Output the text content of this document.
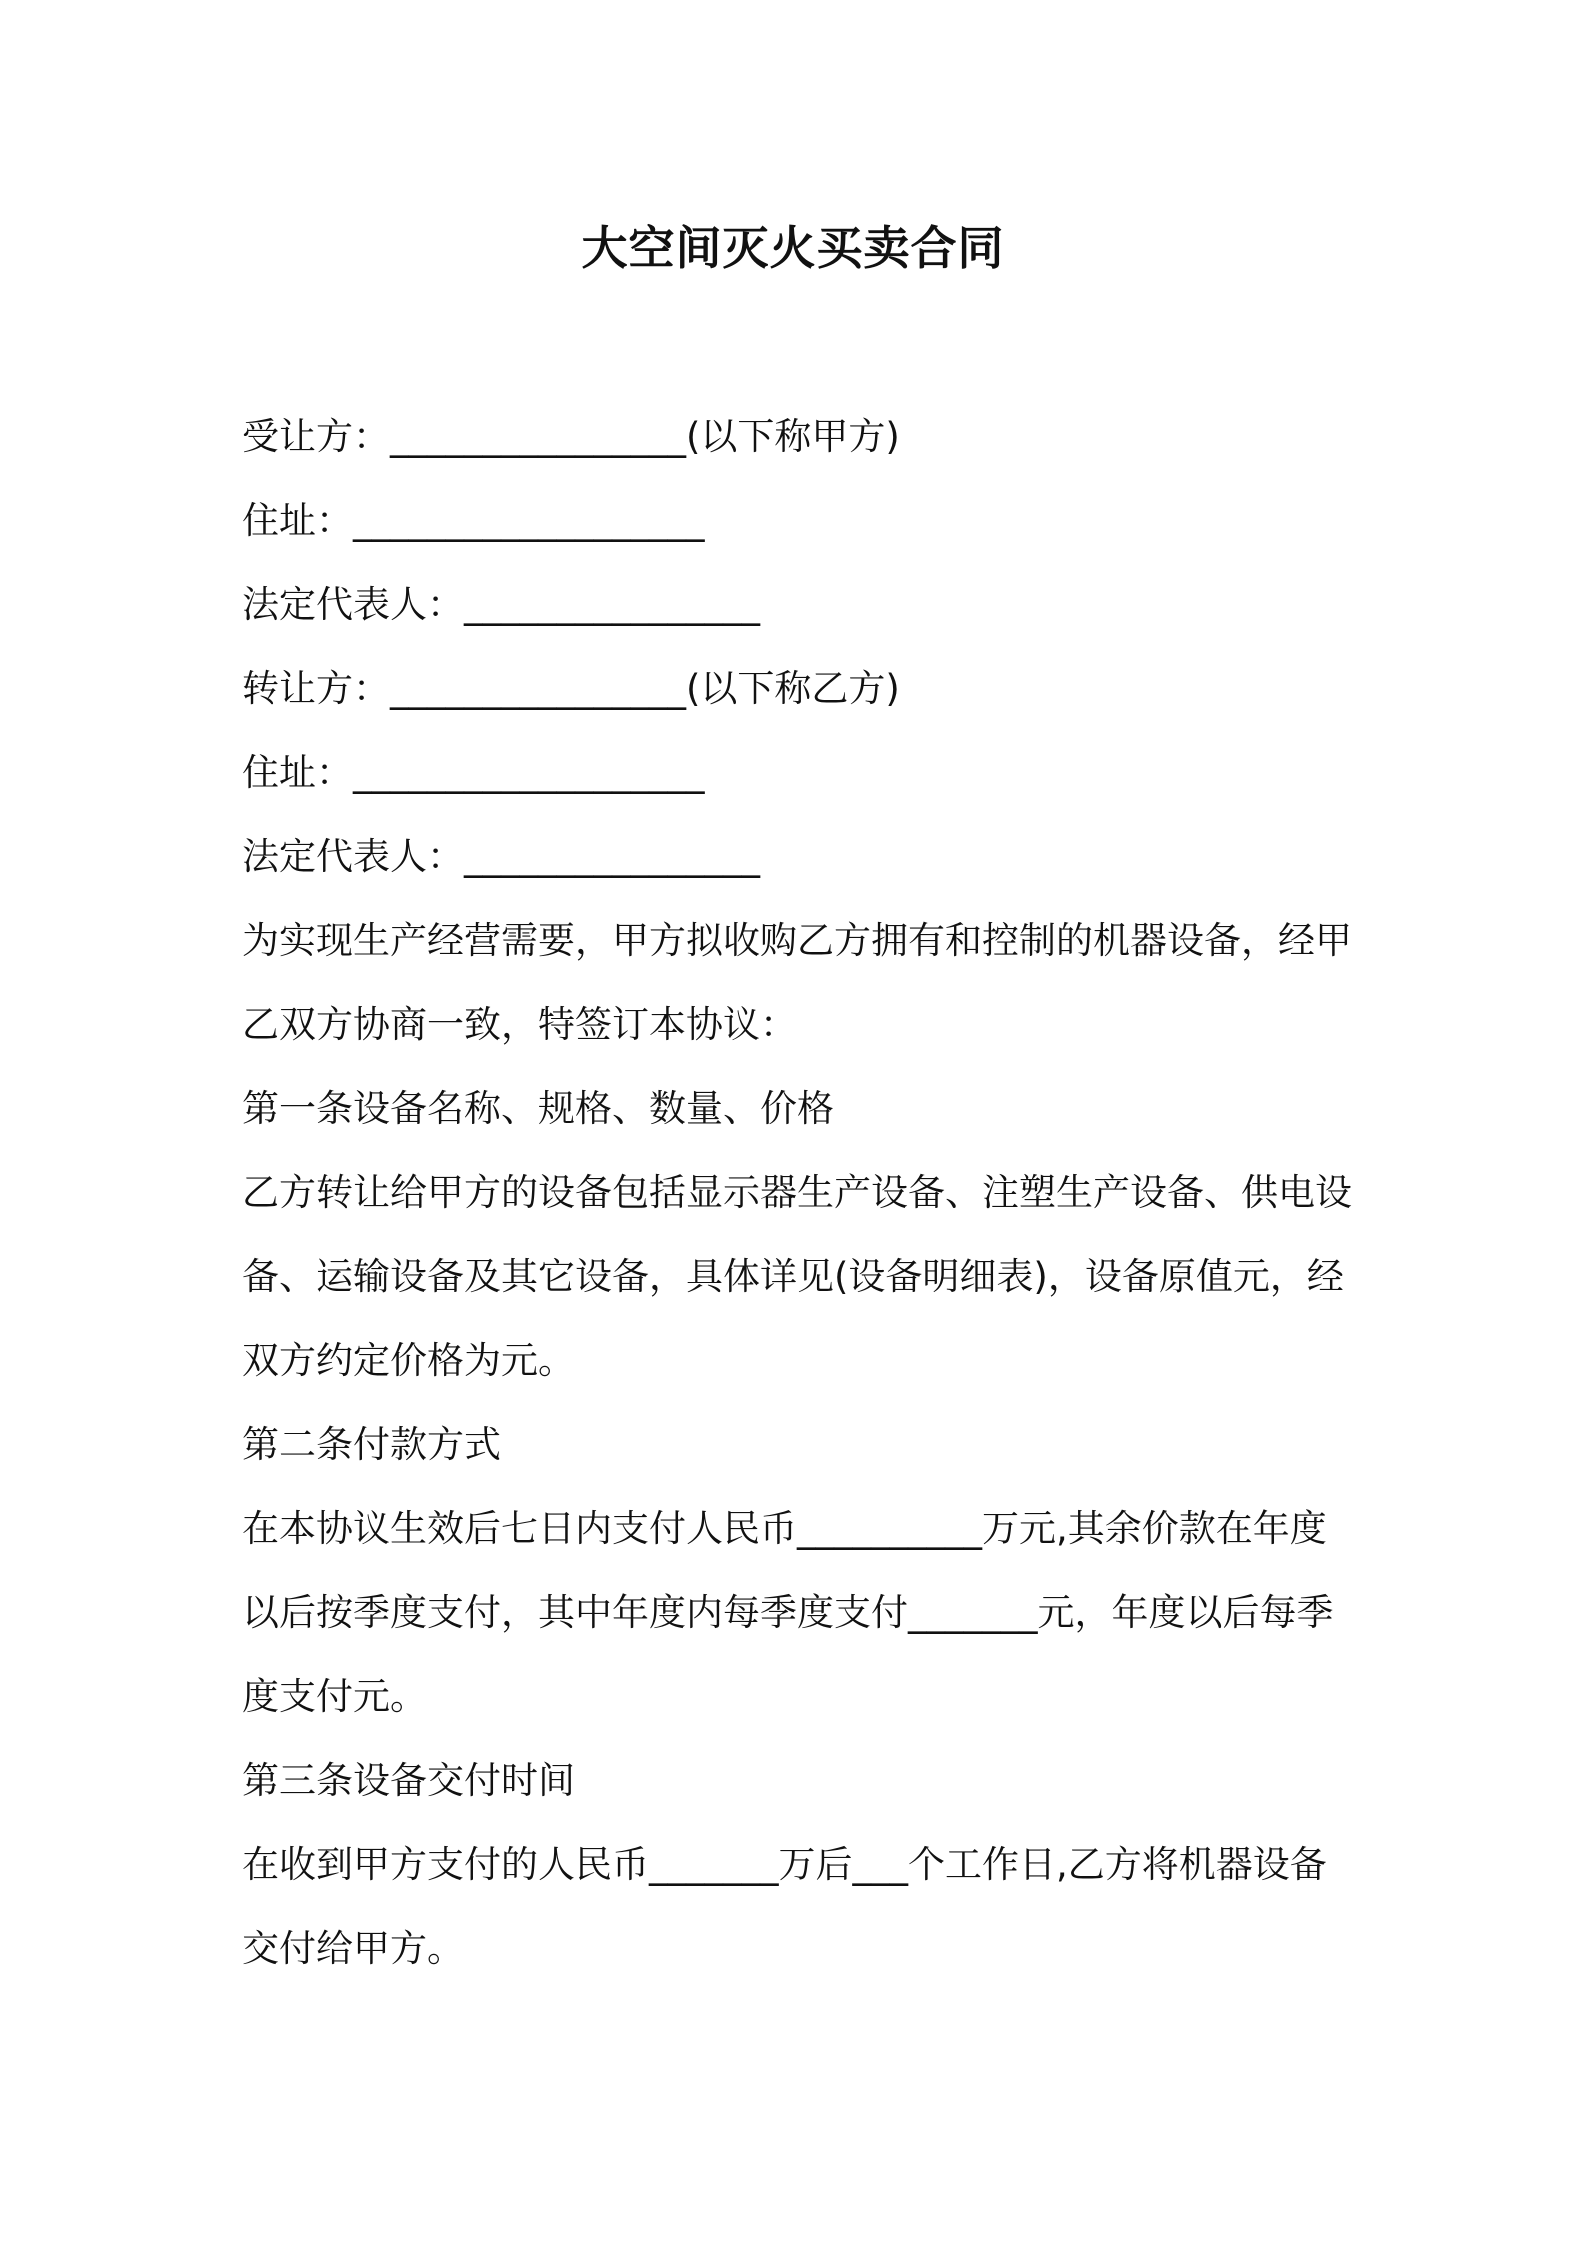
大空间灭火买卖合同
受让方：________________(以下称甲方)
住址：___________________
法定代表人：________________
转让方：________________(以下称乙方)
住址：___________________
法定代表人：________________
为实现生产经营需要，甲方拟收购乙方拥有和控制的机器设备，经甲
乙双方协商一致，特签订本协议：
第一条设备名称、规格、数量、价格
乙方转让给甲方的设备包括显示器生产设备、注塑生产设备、供电设
备、运输设备及其它设备，具体详见(设备明细表)，设备原值元，经
双方约定价格为元。
第二条付款方式
在本协议生效后七日内支付人民币__________万元,其余价款在年度
以后按季度支付，其中年度内每季度支付_______元，年度以后每季
度支付元。
第三条设备交付时间
在收到甲方支付的人民币_______万后___个工作日,乙方将机器设备
交付给甲方。
